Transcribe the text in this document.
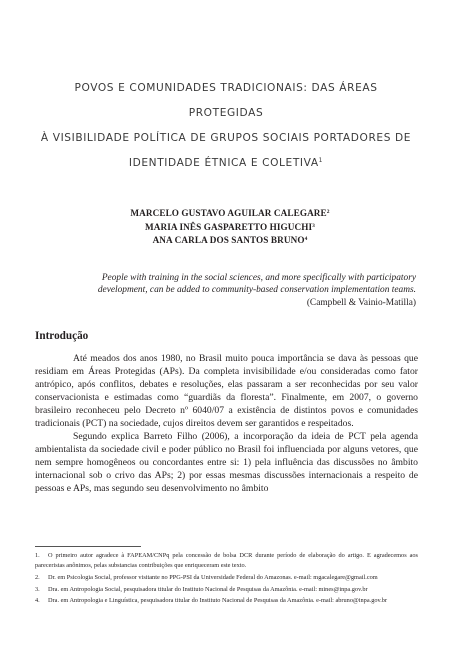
POVOS E COMUNIDADES TRADICIONAIS: DAS ÁREAS PROTEGIDAS
À VISIBILIDADE POLÍTICA DE GRUPOS SOCIAIS PORTADORES DE
IDENTIDADE ÉTNICA E COLETIVA$^1$
MARCELO GUSTAVO AGUILAR CALEGARE$^2$
MARIA INÊS GASPARETTO HIGUCHI$^3$
ANA CARLA DOS SANTOS BRUNO$^4$
People with training in the social sciences, and more specifically with participatory development, can be added to community-based conservation implementation teams.
(Campbell & Vainio-Matilla)
Introdução

Até meados dos anos 1980, no Brasil muito pouca importância se dava às pessoas que residiam em Áreas Protegidas (APs). Da completa invisibilidade e/ou consideradas como fator antrópico, após conflitos, debates e resoluções, elas passaram a ser reconhecidas por seu valor conservacionista e estimadas como “guardiãs da floresta”. Finalmente, em 2007, o governo brasileiro reconheceu pelo Decreto nº 6040/07 a existência de distintos povos e comunidades tradicionais (PCT) na sociedade, cujos direitos devem ser garantidos e respeitados.

Segundo explica Barreto Filho (2006), a incorporação da ideia de PCT pela agenda ambientalista da sociedade civil e poder público no Brasil foi influenciada por alguns vetores, que nem sempre homogêneos ou concordantes entre si: 1) pela influência das discussões no âmbito internacional sob o crivo das APs; 2) por essas mesmas discussões internacionais a respeito de pessoas e APs, mas segundo seu desenvolvimento no âmbito

1. O primeiro autor agradece à FAPEAM/CNPq pela concessão de bolsa DCR durante período de elaboração do artigo. E agradecemos aos pareceristas anônimos, pelas substancias contribuições que enriqueceram este texto.

2. Dr. em Psicologia Social, professor visitante no PPG-PSI da Universidade Federal do Amazonas. e-mail: mgacalegare@gmail.com

3. Dra. em Antropologia Social, pesquisadora titular do Instituto Nacional de Pesquisas da Amazônia. e-mail: mines@inpa.gov.br

4. Dra. em Antropologia e Linguística, pesquisadora titular do Instituto Nacional de Pesquisas da Amazônia. e-mail: abruno@inpa.gov.br
